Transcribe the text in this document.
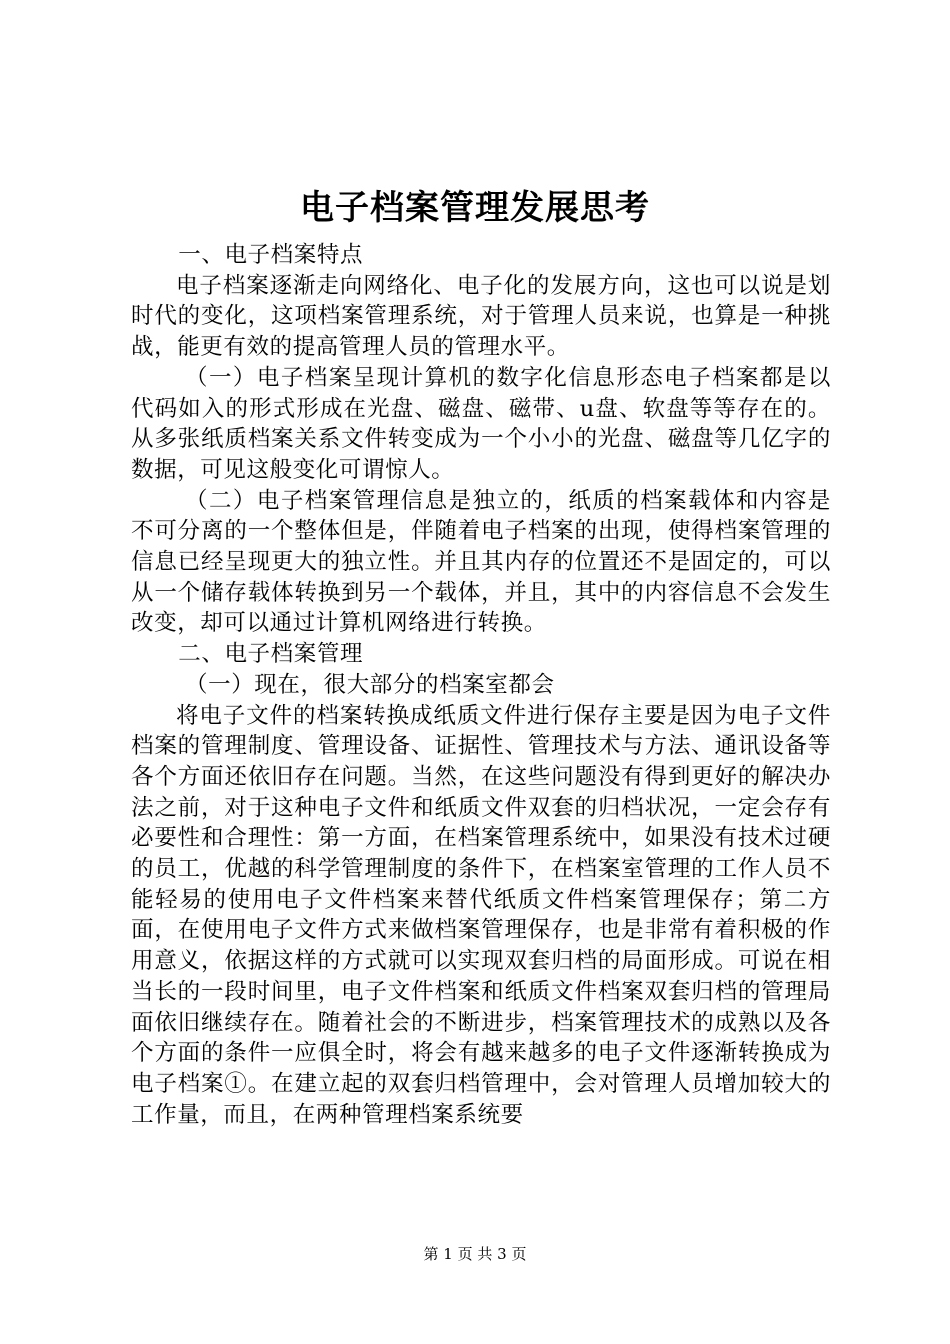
电子档案管理发展思考

一、电子档案特点

电子档案逐渐走向网络化、电子化的发展方向，这也可以说是划时代的变化，这项档案管理系统，对于管理人员来说，也算是一种挑战，能更有效的提高管理人员的管理水平。

（一）电子档案呈现计算机的数字化信息形态电子档案都是以代码如入的形式形成在光盘、磁盘、磁带、u盘、软盘等等存在的。从多张纸质档案关系文件转变成为一个小小的光盘、磁盘等几亿字的数据，可见这般变化可谓惊人。

（二）电子档案管理信息是独立的，纸质的档案载体和内容是不可分离的一个整体但是，伴随着电子档案的出现，使得档案管理的信息已经呈现更大的独立性。并且其内存的位置还不是固定的，可以从一个储存载体转换到另一个载体，并且，其中的内容信息不会发生改变，却可以通过计算机网络进行转换。

二、电子档案管理

（一）现在，很大部分的档案室都会

将电子文件的档案转换成纸质文件进行保存主要是因为电子文件档案的管理制度、管理设备、证据性、管理技术与方法、通讯设备等各个方面还依旧存在问题。当然，在这些问题没有得到更好的解决办法之前，对于这种电子文件和纸质文件双套的归档状况，一定会存有必要性和合理性：第一方面，在档案管理系统中，如果没有技术过硬的员工，优越的科学管理制度的条件下，在档案室管理的工作人员不能轻易的使用电子文件档案来替代纸质文件档案管理保存；第二方面，在使用电子文件方式来做档案管理保存，也是非常有着积极的作用意义，依据这样的方式就可以实现双套归档的局面形成。可说在相当长的一段时间里，电子文件档案和纸质文件档案双套归档的管理局面依旧继续存在。随着社会的不断进步，档案管理技术的成熟以及各个方面的条件一应俱全时，将会有越来越多的电子文件逐渐转换成为电子档案①。在建立起的双套归档管理中，会对管理人员增加较大的工作量，而且，在两种管理档案系统要

第 1 页 共 3 页
